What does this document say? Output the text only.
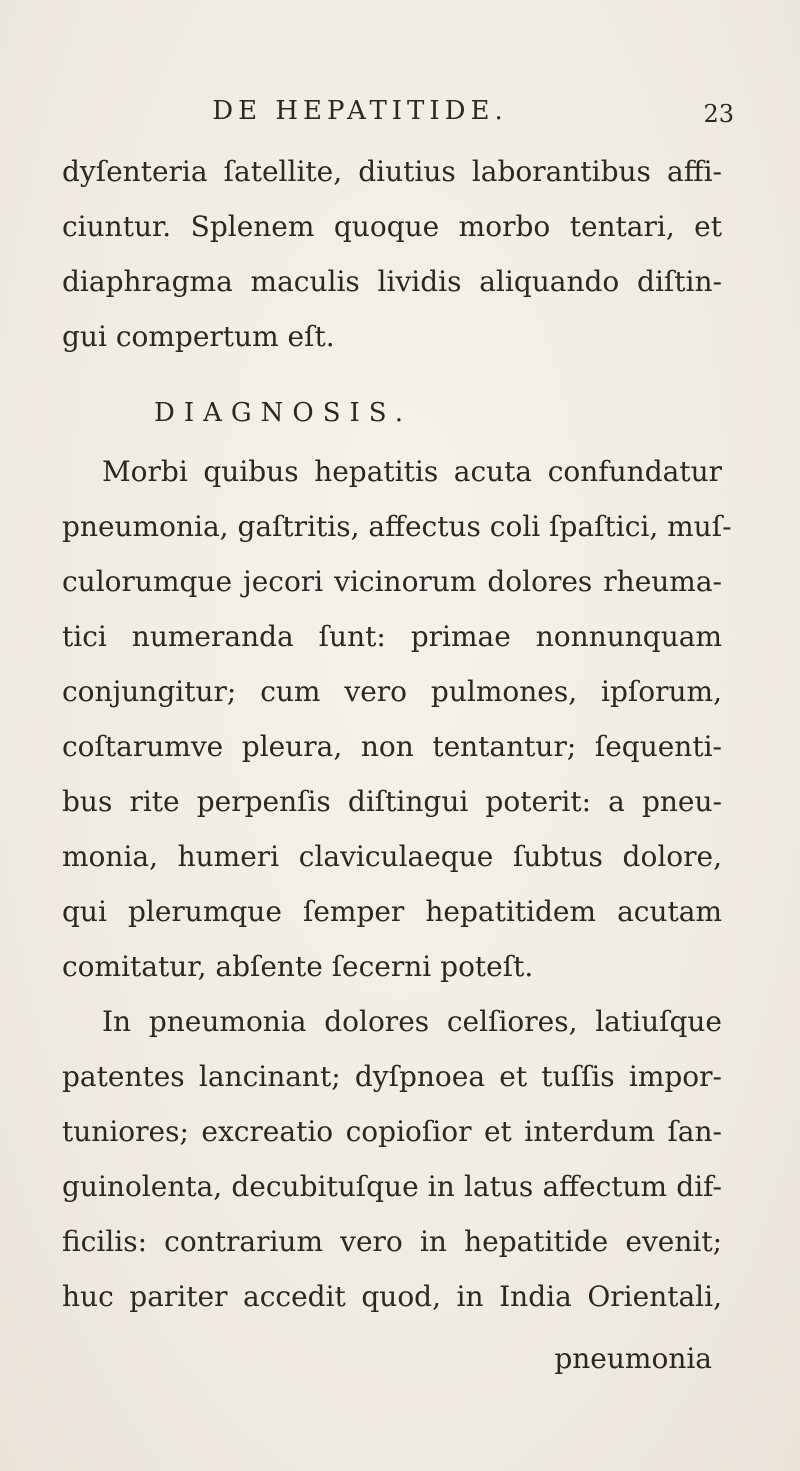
DE HEPATITIDE.	23
dyſenteria ſatellite, diutius laborantibus affi-
ciuntur. Splenem quoque morbo tentari, et
diaphragma maculis lividis aliquando diſtin-
gui compertum eſt.
DIAGNOSIS.
Morbi quibus hepatitis acuta confundatur
pneumonia, gaſtritis, affectus coli ſpaſtici, muſ-
culorumque jecori vicinorum dolores rheuma-
tici numeranda ſunt: primae nonnunquam
conjungitur; cum vero pulmones, ipſorum,
coſtarumve pleura, non tentantur; ſequenti-
bus rite perpenſis diſtingui poterit: a pneu-
monia, humeri claviculaeque ſubtus dolore,
qui plerumque ſemper hepatitidem acutam
comitatur, abſente ſecerni poteſt.
In pneumonia dolores celſiores, latiuſque
patentes lancinant; dyſpnoea et tuſſis impor-
tuniores; excreatio copioſior et interdum ſan-
guinolenta, decubituſque in latus affectum dif-
ficilis: contrarium vero in hepatitide evenit;
huc pariter accedit quod, in India Orientali,
pneumonia
